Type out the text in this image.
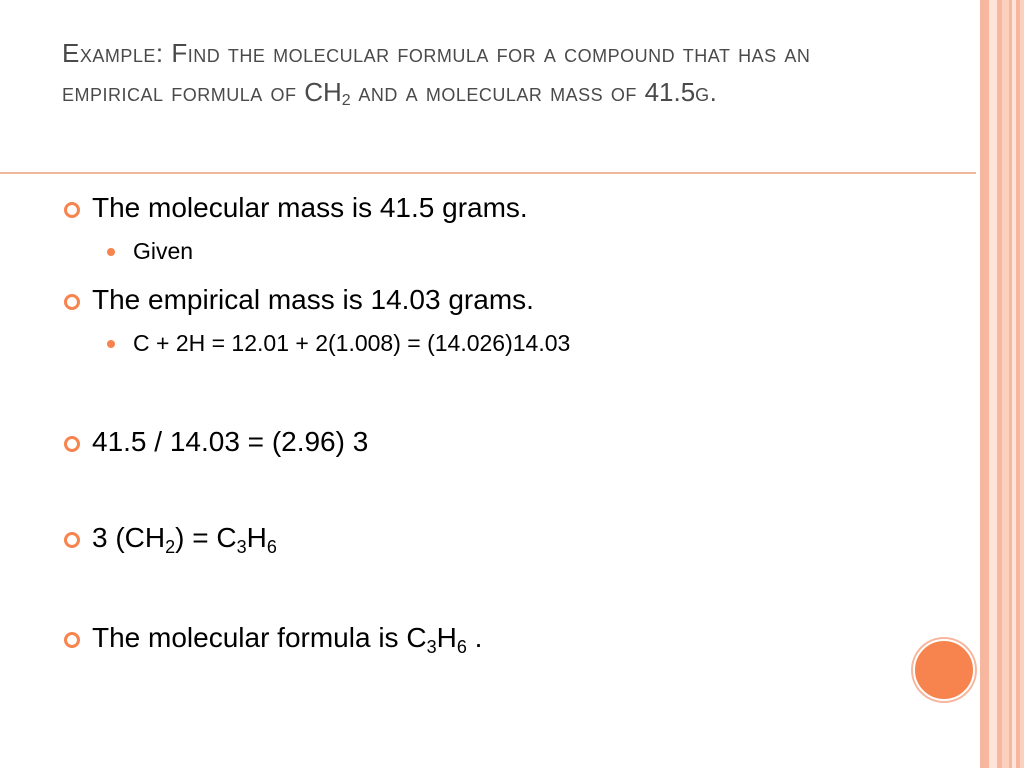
Example: Find the molecular formula for a compound that has an empirical formula of $CH_2$ and a molecular mass of 41.5g.
The molecular mass is 41.5 grams.
Given
The empirical mass is 14.03 grams.
C + 2H = 12.01 + 2(1.008) = (14.026)14.03
41.5 / 14.03 = (2.96) 3
3 $(CH_2) = C_3H_6$
The molecular formula is $C_3H_6$ .
